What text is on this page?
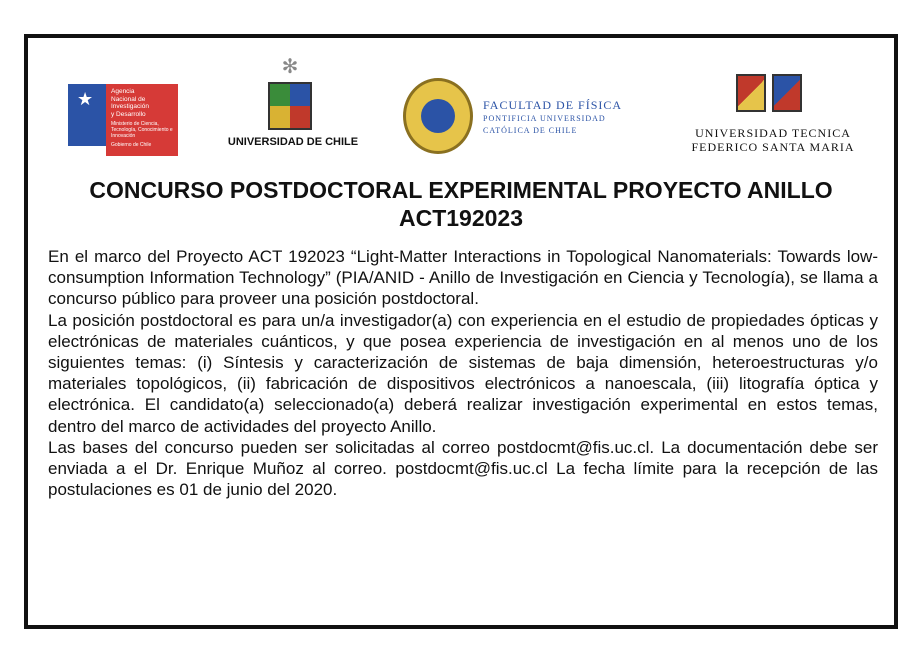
★	Agencia
Nacional de
Investigación
y Desarrollo
Ministerio de Ciencia, Tecnología, Conocimiento e Innovación
Gobierno de Chile
✻
UNIVERSIDAD DE CHILE
FACULTAD DE FÍSICA
PONTIFICIA UNIVERSIDAD
CATÓLICA DE CHILE	UNIVERSIDAD TECNICA
FEDERICO SANTA MARIA
CONCURSO POSTDOCTORAL EXPERIMENTAL PROYECTO ANILLO ACT192023

En el marco del Proyecto ACT 192023 “Light-Matter Interactions in Topological Nanomaterials: Towards low-consumption Information Technology” (PIA/ANID - Anillo de Investigación en Ciencia y Tecnología), se llama a concurso público para proveer una posición postdoctoral.

La posición postdoctoral es para un/a investigador(a) con experiencia en el estudio de propiedades ópticas y electrónicas de materiales cuánticos, y que posea experiencia de investigación en al menos uno de los siguientes temas: (i) Síntesis y caracterización de sistemas de baja dimensión, heteroestructuras y/o materiales topológicos, (ii) fabricación de dispositivos electrónicos a nanoescala, (iii) litografía óptica y electrónica. El candidato(a) seleccionado(a) deberá realizar investigación experimental en estos temas, dentro del marco de actividades del proyecto Anillo.

Las bases del concurso pueden ser solicitadas al correo postdocmt@fis.uc.cl. La documentación debe ser enviada a el Dr. Enrique Muñoz al correo. postdocmt@fis.uc.cl La fecha límite para la recepción de las postulaciones es 01 de junio del 2020.
